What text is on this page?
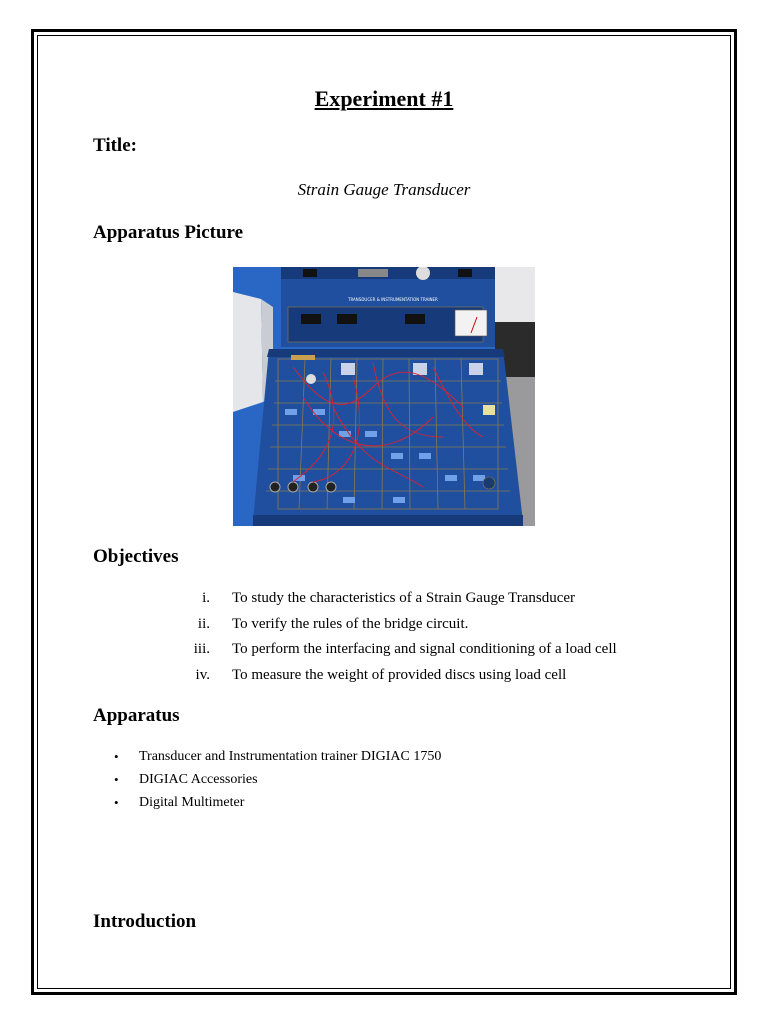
Experiment #1
Title:
Strain Gauge Transducer
Apparatus Picture
TRANSDUCER & INSTRUMENTATION TRAINER
Objectives
i. To study the characteristics of a Strain Gauge Transducer
ii. To verify the rules of the bridge circuit.
iii. To perform the interfacing and signal conditioning of a load cell
iv. To measure the weight of provided discs using load cell
Apparatus
• Transducer and Instrumentation trainer DIGIAC 1750
• DIGIAC Accessories
• Digital Multimeter
Introduction
